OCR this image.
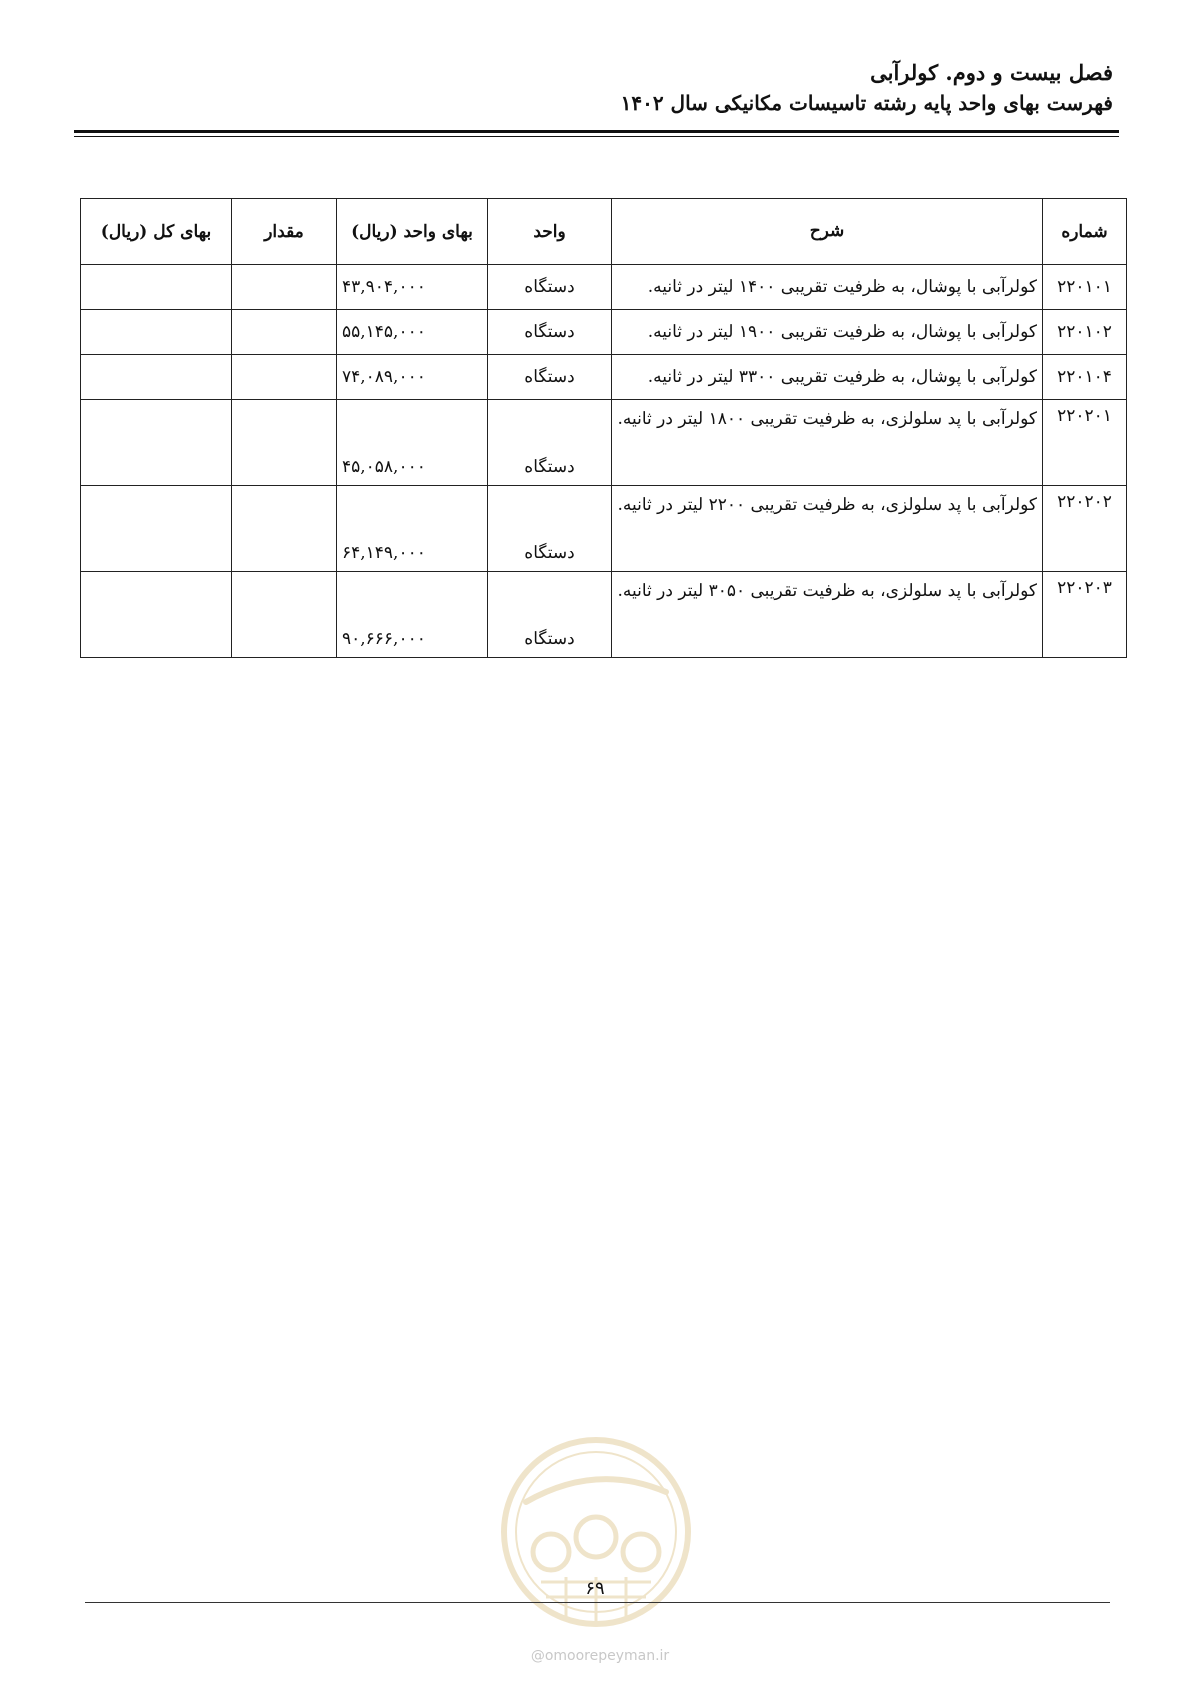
فصل بیست و دوم. کولرآبی
فهرست بهای واحد پایه رشته تاسیسات مکانیکی سال ۱۴۰۲
شماره	شرح	واحد	بهای واحد (ریال)	مقدار	بهای کل (ریال)
۲۲۰۱۰۱	کولرآبی با پوشال، به ظرفیت تقریبی ۱۴۰۰ لیتر در ثانیه.	دستگاه	۴۳,۹۰۴,۰۰۰		
۲۲۰۱۰۲	کولرآبی با پوشال، به ظرفیت تقریبی ۱۹۰۰ لیتر در ثانیه.	دستگاه	۵۵,۱۴۵,۰۰۰		
۲۲۰۱۰۴	کولرآبی با پوشال، به ظرفیت تقریبی ۳۳۰۰ لیتر در ثانیه.	دستگاه	۷۴,۰۸۹,۰۰۰		
۲۲۰۲۰۱	کولرآبی با پد سلولزی، به ظرفیت تقریبی ۱۸۰۰ لیتر در ثانیه.	دستگاه	۴۵,۰۵۸,۰۰۰		
۲۲۰۲۰۲	کولرآبی با پد سلولزی، به ظرفیت تقریبی ۲۲۰۰ لیتر در ثانیه.	دستگاه	۶۴,۱۴۹,۰۰۰		
۲۲۰۲۰۳	کولرآبی با پد سلولزی، به ظرفیت تقریبی ۳۰۵۰ لیتر در ثانیه.	دستگاه	۹۰,۶۶۶,۰۰۰		
۶۹
@omoorepeyman.ir
